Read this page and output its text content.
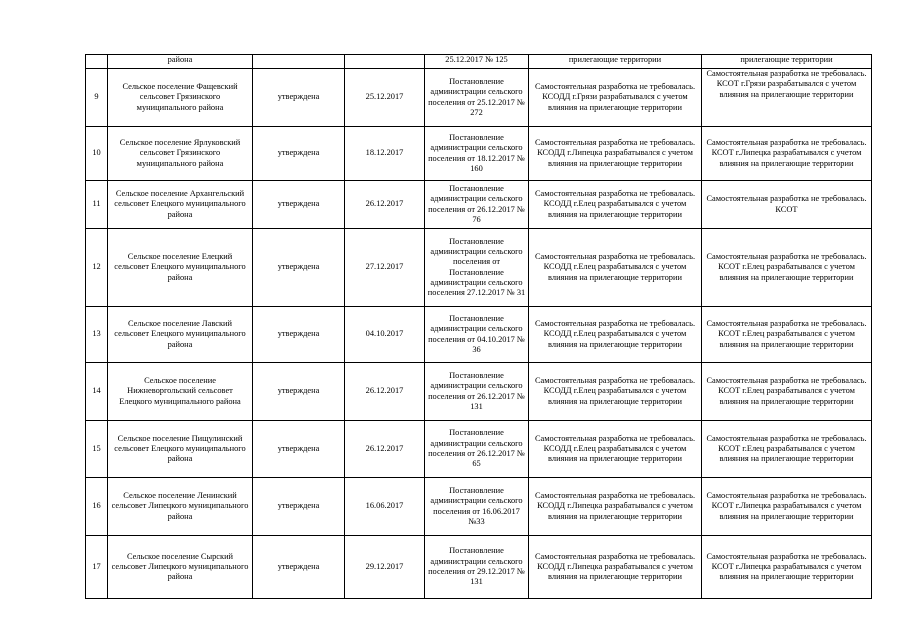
	района			25.12.2017 № 125	прилегающие территории	прилегающие территории
9	Сельское поселение Фащевский сельсовет Грязинского муниципального района	утверждена	25.12.2017	Постановление администрации сельского поселения от 25.12.2017 № 272	Самостоятельная разработка не требовалась. КСОДД г.Грязи разрабатывался с учетом влияния на прилегающие территории	Самостоятельная разработка не требовалась. КСОТ г.Грязи разрабатывался с учетом влияния на прилегающие территории
10	Сельское поселение Ярлуковский сельсовет Грязинского муниципального района	утверждена	18.12.2017	Постановление администрации сельского поселения от 18.12.2017 № 160	Самостоятельная разработка не требовалась. КСОДД г.Липецка разрабатывался с учетом влияния на прилегающие территории	Самостоятельная разработка не требовалась. КСОТ г.Липецка разрабатывался с учетом влияния на прилегающие территории
11	Сельское поселение Архангельский сельсовет Елецкого муниципального района	утверждена	26.12.2017	Постановление администрации сельского поселения от 26.12.2017 № 76	Самостоятельная разработка не требовалась. КСОДД г.Елец разрабатывался с учетом влияния на прилегающие территории	Самостоятельная разработка не требовалась. КСОТ
12	Сельское поселение Елецкий сельсовет Елецкого муниципального района	утверждена	27.12.2017	Постановление администрации сельского поселения от Постановление администрации сельского поселения 27.12.2017 № 31	Самостоятельная разработка не требовалась. КСОДД г.Елец разрабатывался с учетом влияния на прилегающие территории	Самостоятельная разработка не требовалась. КСОТ г.Елец разрабатывался с учетом влияния на прилегающие территории
13	Сельское поселение Лавский сельсовет Елецкого муниципального района	утверждена	04.10.2017	Постановление администрации сельского поселения от 04.10.2017 № 36	Самостоятельная разработка не требовалась. КСОДД г.Елец разрабатывался с учетом влияния на прилегающие территории	Самостоятельная разработка не требовалась. КСОТ г.Елец разрабатывался с учетом влияния на прилегающие территории
14	Сельское поселение Нижневоргольский сельсовет Елецкого муниципального района	утверждена	26.12.2017	Постановление администрации сельского поселения от 26.12.2017 № 131	Самостоятельная разработка не требовалась. КСОДД г.Елец разрабатывался с учетом влияния на прилегающие территории	Самостоятельная разработка не требовалась. КСОТ г.Елец разрабатывался с учетом влияния на прилегающие территории
15	Сельское поселение Пищулинский сельсовет Елецкого муниципального района	утверждена	26.12.2017	Постановление администрации сельского поселения от 26.12.2017 № 65	Самостоятельная разработка не требовалась. КСОДД г.Елец разрабатывался с учетом влияния на прилегающие территории	Самостоятельная разработка не требовалась. КСОТ г.Елец разрабатывался с учетом влияния на прилегающие территории
16	Сельское поселение Ленинский сельсовет Липецкого муниципального района	утверждена	16.06.2017	Постановление администрации сельского поселения от 16.06.2017 №33	Самостоятельная разработка не требовалась. КСОДД г.Липецка разрабатывался с учетом влияния на прилегающие территории	Самостоятельная разработка не требовалась. КСОТ г.Липецка разрабатывался с учетом влияния на прилегающие территории
17	Сельское поселение Сырский сельсовет Липецкого муниципального района	утверждена	29.12.2017	Постановление администрации сельского поселения от 29.12.2017 № 131	Самостоятельная разработка не требовалась. КСОДД г.Липецка разрабатывался с учетом влияния на прилегающие территории	Самостоятельная разработка не требовалась. КСОТ г.Липецка разрабатывался с учетом влияния на прилегающие территории
